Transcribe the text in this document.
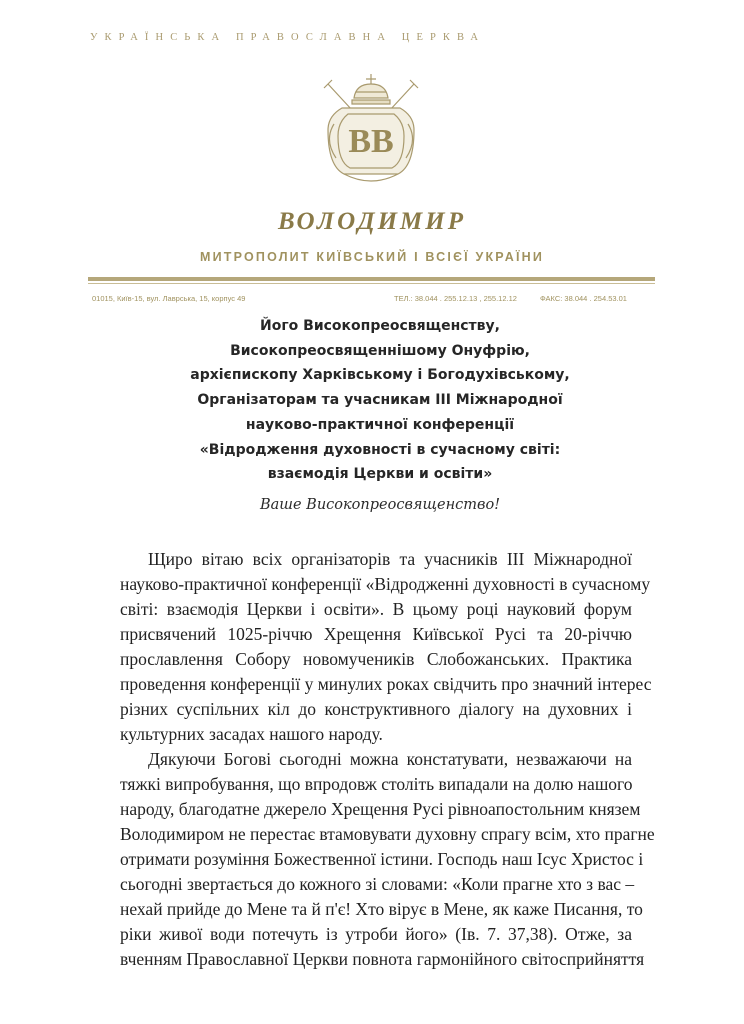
УКРАЇНСЬКА ПРАВОСЛАВНА ЦЕРКВА
ВВ
ВОЛОДИМИР
МИТРОПОЛИТ КИЇВСЬКИЙ І ВСІЄЇ УКРАЇНИ
01015, Київ-15, вул. Лаврська, 15, корпус 49	ТЕЛ.: 38.044 . 255.12.13 , 255.12.12	ФАКС: 38.044 . 254.53.01
Його Високопреосвященству,
Високопреосвященнішому Онуфрію,
архієпископу Харківському і Богодухівському,
Організаторам та учасникам ІІІ Міжнародної
науково-практичної конференції
«Відродження духовності в сучасному світі:
взаємодія Церкви и освіти»
Ваше Високопреосвященство!
Щиро вітаю всіх організаторів та учасників ІІІ Міжнародної
науково-практичної конференції «Відродженні духовності в сучасному
світі: взаємодія Церкви і освіти». В цьому році науковий форум
присвячений 1025-річчю Хрещення Київської Русі та 20-річчю
прославлення Собору новомучеників Слобожанських. Практика
проведення конференції у минулих роках свідчить про значний інтерес
різних суспільних кіл до конструктивного діалогу на духовних і
культурних засадах нашого народу.
Дякуючи Богові сьогодні можна констатувати, незважаючи на
тяжкі випробування, що впродовж століть випадали на долю нашого
народу, благодатне джерело Хрещення Русі рівноапостольним князем
Володимиром не перестає втамовувати духовну спрагу всім, хто прагне
отримати розуміння Божественної істини. Господь наш Ісус Христос і
сьогодні звертається до кожного зі словами: «Коли прагне хто з вас –
нехай прийде до Мене та й п'є! Хто вірує в Мене, як каже Писання, то
ріки живої води потечуть із утроби його» (Ів. 7. 37,38). Отже, за
вченням Православної Церкви повнота гармонійного світосприйняття
